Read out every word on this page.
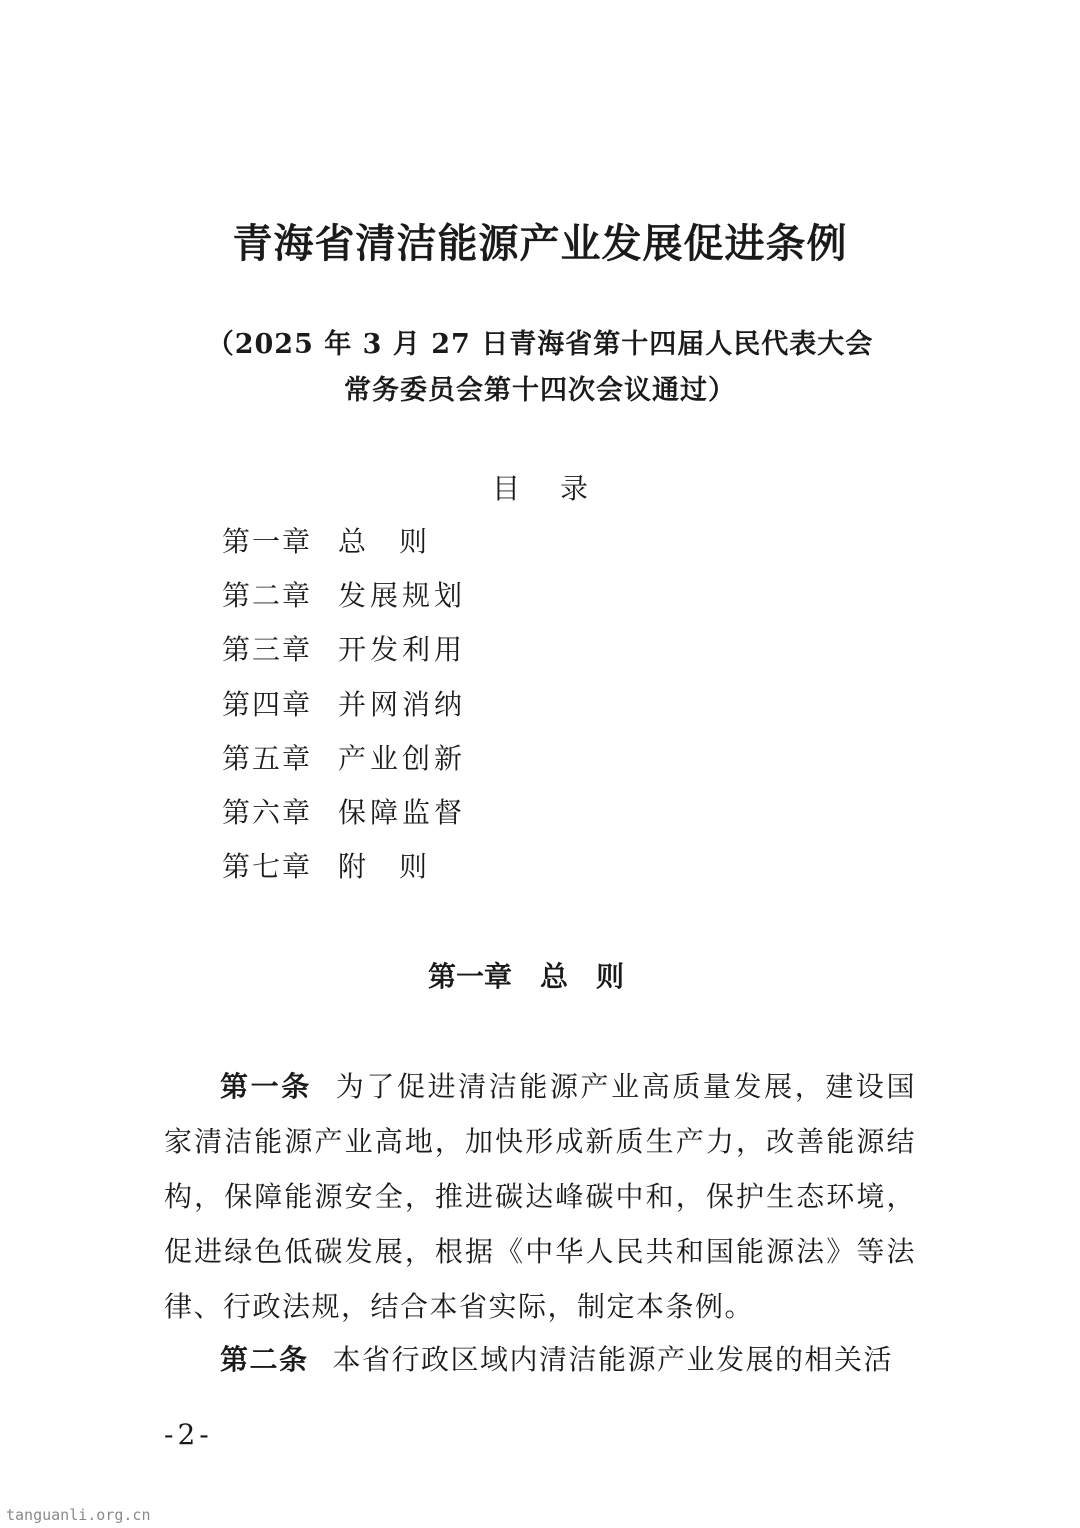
青海省清洁能源产业发展促进条例
（2025 年 3 月 27 日青海省第十四届人民代表大会
常务委员会第十四次会议通过）
目录
第一章 总则
第二章 发展规划
第三章 开发利用
第四章 并网消纳
第五章 产业创新
第六章 保障监督
第七章 附则
第一章 总则
第一条 为了促进清洁能源产业高质量发展，建设国家清洁能源产业高地，加快形成新质生产力，改善能源结构，保障能源安全，推进碳达峰碳中和，保护生态环境，促进绿色低碳发展，根据《中华人民共和国能源法》等法律、行政法规，结合本省实际，制定本条例。
第二条 本省行政区域内清洁能源产业发展的相关活
-2-
tanguanli.org.cn
